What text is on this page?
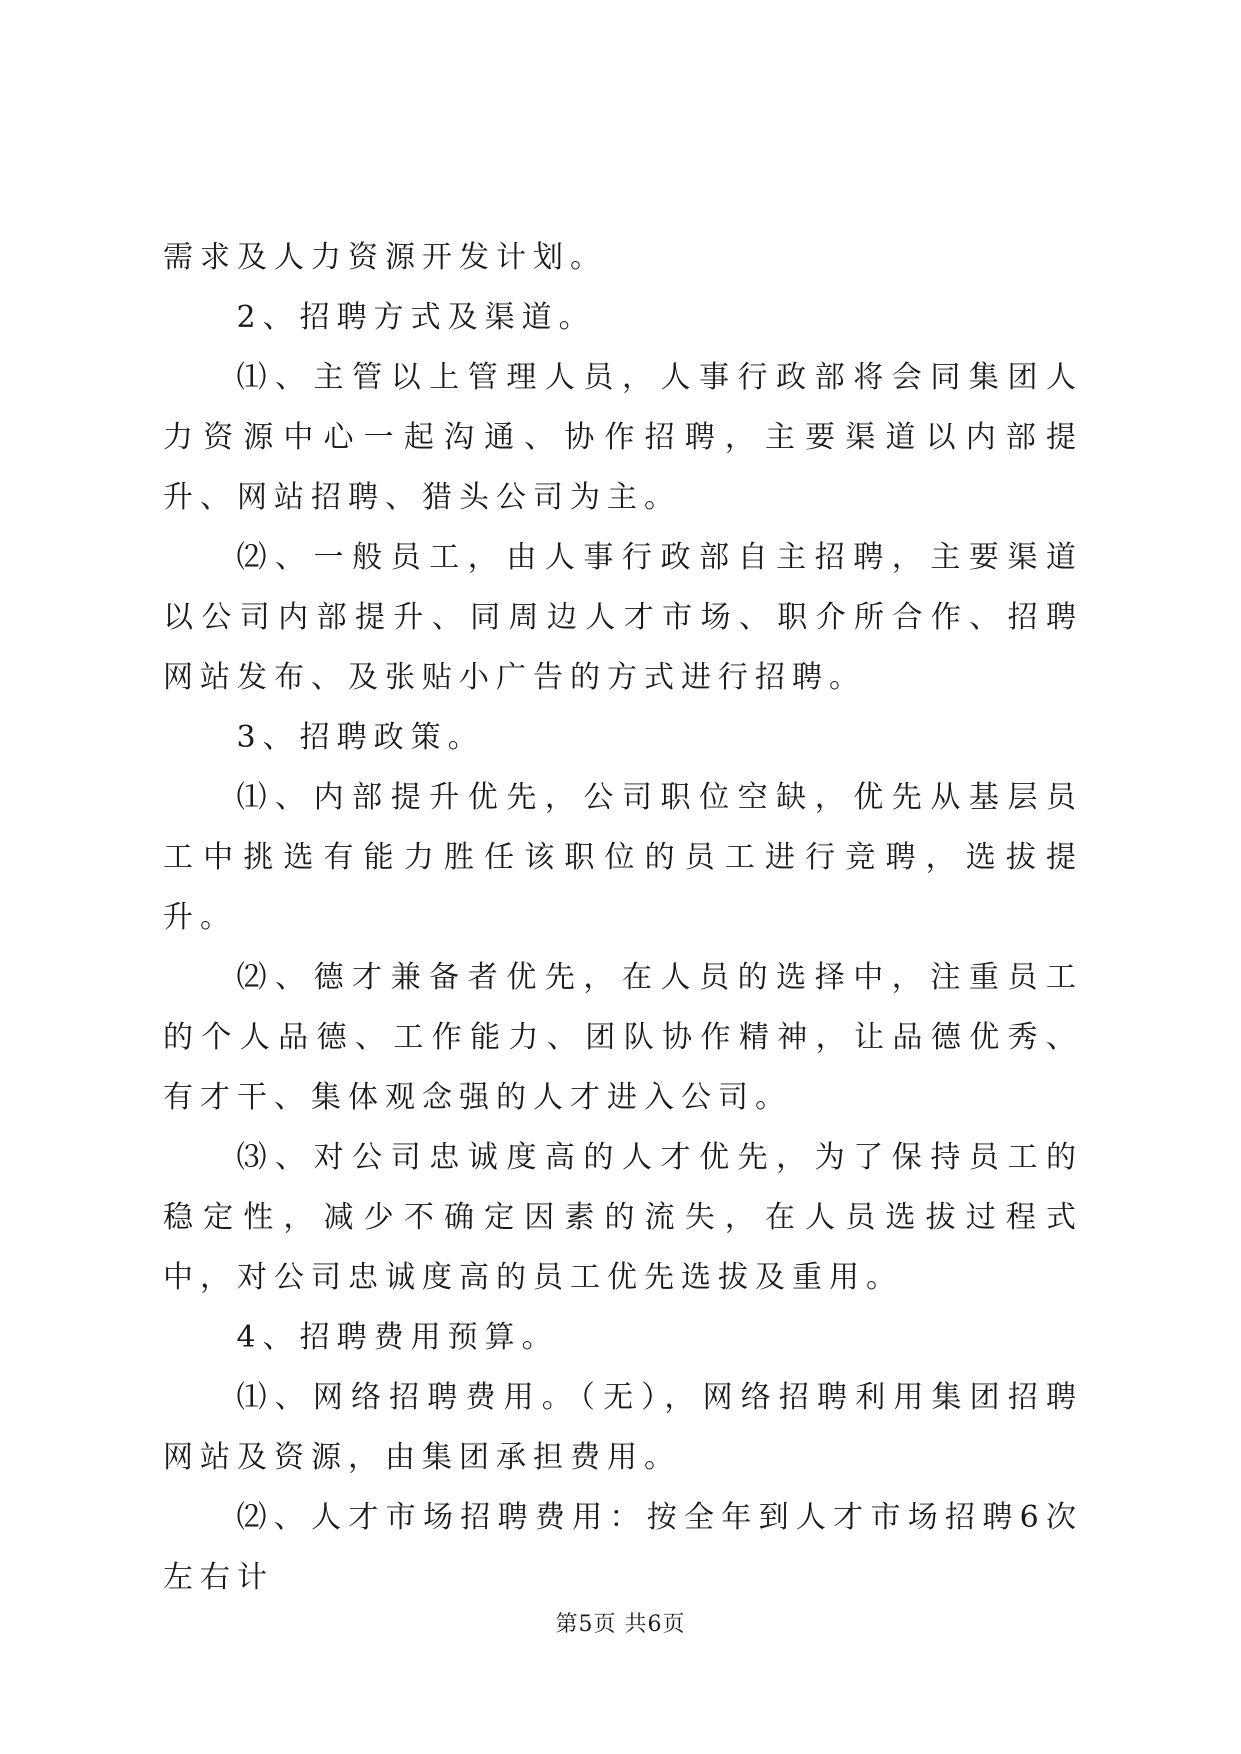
需求及人力资源开发计划。

2、招聘方式及渠道。

⑴、主管以上管理人员，人事行政部将会同集团人力资源中心一起沟通、协作招聘，主要渠道以内部提升、网站招聘、猎头公司为主。

⑵、一般员工，由人事行政部自主招聘，主要渠道以公司内部提升、同周边人才市场、职介所合作、招聘网站发布、及张贴小广告的方式进行招聘。

3、招聘政策。

⑴、内部提升优先，公司职位空缺，优先从基层员工中挑选有能力胜任该职位的员工进行竞聘，选拔提升。

⑵、德才兼备者优先，在人员的选择中，注重员工的个人品德、工作能力、团队协作精神，让品德优秀、有才干、集体观念强的人才进入公司。

⑶、对公司忠诚度高的人才优先，为了保持员工的稳定性，减少不确定因素的流失，在人员选拔过程式中，对公司忠诚度高的员工优先选拔及重用。

4、招聘费用预算。

⑴、网络招聘费用。（无），网络招聘利用集团招聘网站及资源，由集团承担费用。

⑵、人才市场招聘费用：按全年到人才市场招聘6次左右计

第5页 共6页
